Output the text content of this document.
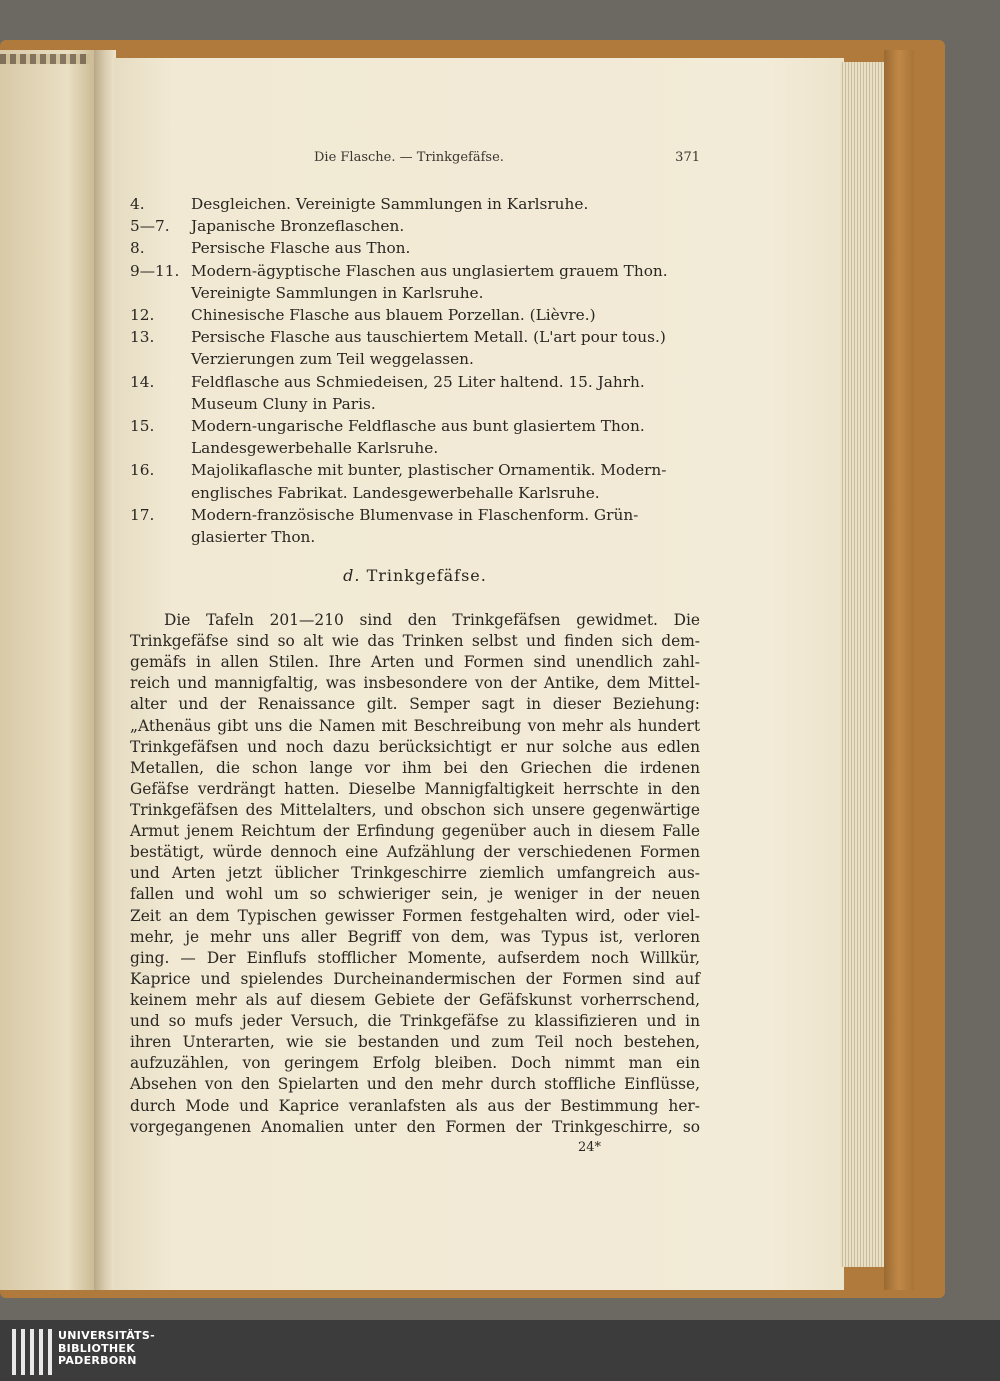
Die Flasche. — Trinkgefäfse.	371
4.	Desgleichen. Vereinigte Sammlungen in Karlsruhe.
5—7. Japanische Bronzeflaschen.
8.	Persische Flasche aus Thon.
9—11. Modern-ägyptische Flaschen aus unglasiertem grauem Thon.
Vereinigte Sammlungen in Karlsruhe.
12. Chinesische Flasche aus blauem Porzellan. (Lièvre.)
13. Persische Flasche aus tauschiertem Metall. (L'art pour tous.)
Verzierungen zum Teil weggelassen.
14. Feldflasche aus Schmiedeisen, 25 Liter haltend. 15. Jahrh.
Museum Cluny in Paris.
15. Modern-ungarische Feldflasche aus bunt glasiertem Thon.
Landesgewerbehalle Karlsruhe.
16. Majolikaflasche mit bunter, plastischer Ornamentik. Modern-
englisches Fabrikat. Landesgewerbehalle Karlsruhe.
17. Modern-französische Blumenvase in Flaschenform. Grün-
glasierter Thon.
d. Trinkgefäfse.
Die Tafeln 201—210 sind den Trinkgefäfsen gewidmet. Die
Trinkgefäfse sind so alt wie das Trinken selbst und finden sich dem-
gemäfs in allen Stilen. Ihre Arten und Formen sind unendlich zahl-
reich und mannigfaltig, was insbesondere von der Antike, dem Mittel-
alter und der Renaissance gilt. Semper sagt in dieser Beziehung:
„Athenäus gibt uns die Namen mit Beschreibung von mehr als hundert
Trinkgefäfsen und noch dazu berücksichtigt er nur solche aus edlen
Metallen, die schon lange vor ihm bei den Griechen die irdenen
Gefäfse verdrängt hatten. Dieselbe Mannigfaltigkeit herrschte in den
Trinkgefäfsen des Mittelalters, und obschon sich unsere gegenwärtige
Armut jenem Reichtum der Erfindung gegenüber auch in diesem Falle
bestätigt, würde dennoch eine Aufzählung der verschiedenen Formen
und Arten jetzt üblicher Trinkgeschirre ziemlich umfangreich aus-
fallen und wohl um so schwieriger sein, je weniger in der neuen
Zeit an dem Typischen gewisser Formen festgehalten wird, oder viel-
mehr, je mehr uns aller Begriff von dem, was Typus ist, verloren
ging. — Der Einflufs stofflicher Momente, aufserdem noch Willkür,
Kaprice und spielendes Durcheinandermischen der Formen sind auf
keinem mehr als auf diesem Gebiete der Gefäfskunst vorherrschend,
und so mufs jeder Versuch, die Trinkgefäfse zu klassifizieren und in
ihren Unterarten, wie sie bestanden und zum Teil noch bestehen,
aufzuzählen, von geringem Erfolg bleiben. Doch nimmt man ein
Absehen von den Spielarten und den mehr durch stoffliche Einflüsse,
durch Mode und Kaprice veranlafsten als aus der Bestimmung her-
vorgegangenen Anomalien unter den Formen der Trinkgeschirre, so
24*
UNIVERSITÄTS-
BIBLIOTHEK
PADERBORN
